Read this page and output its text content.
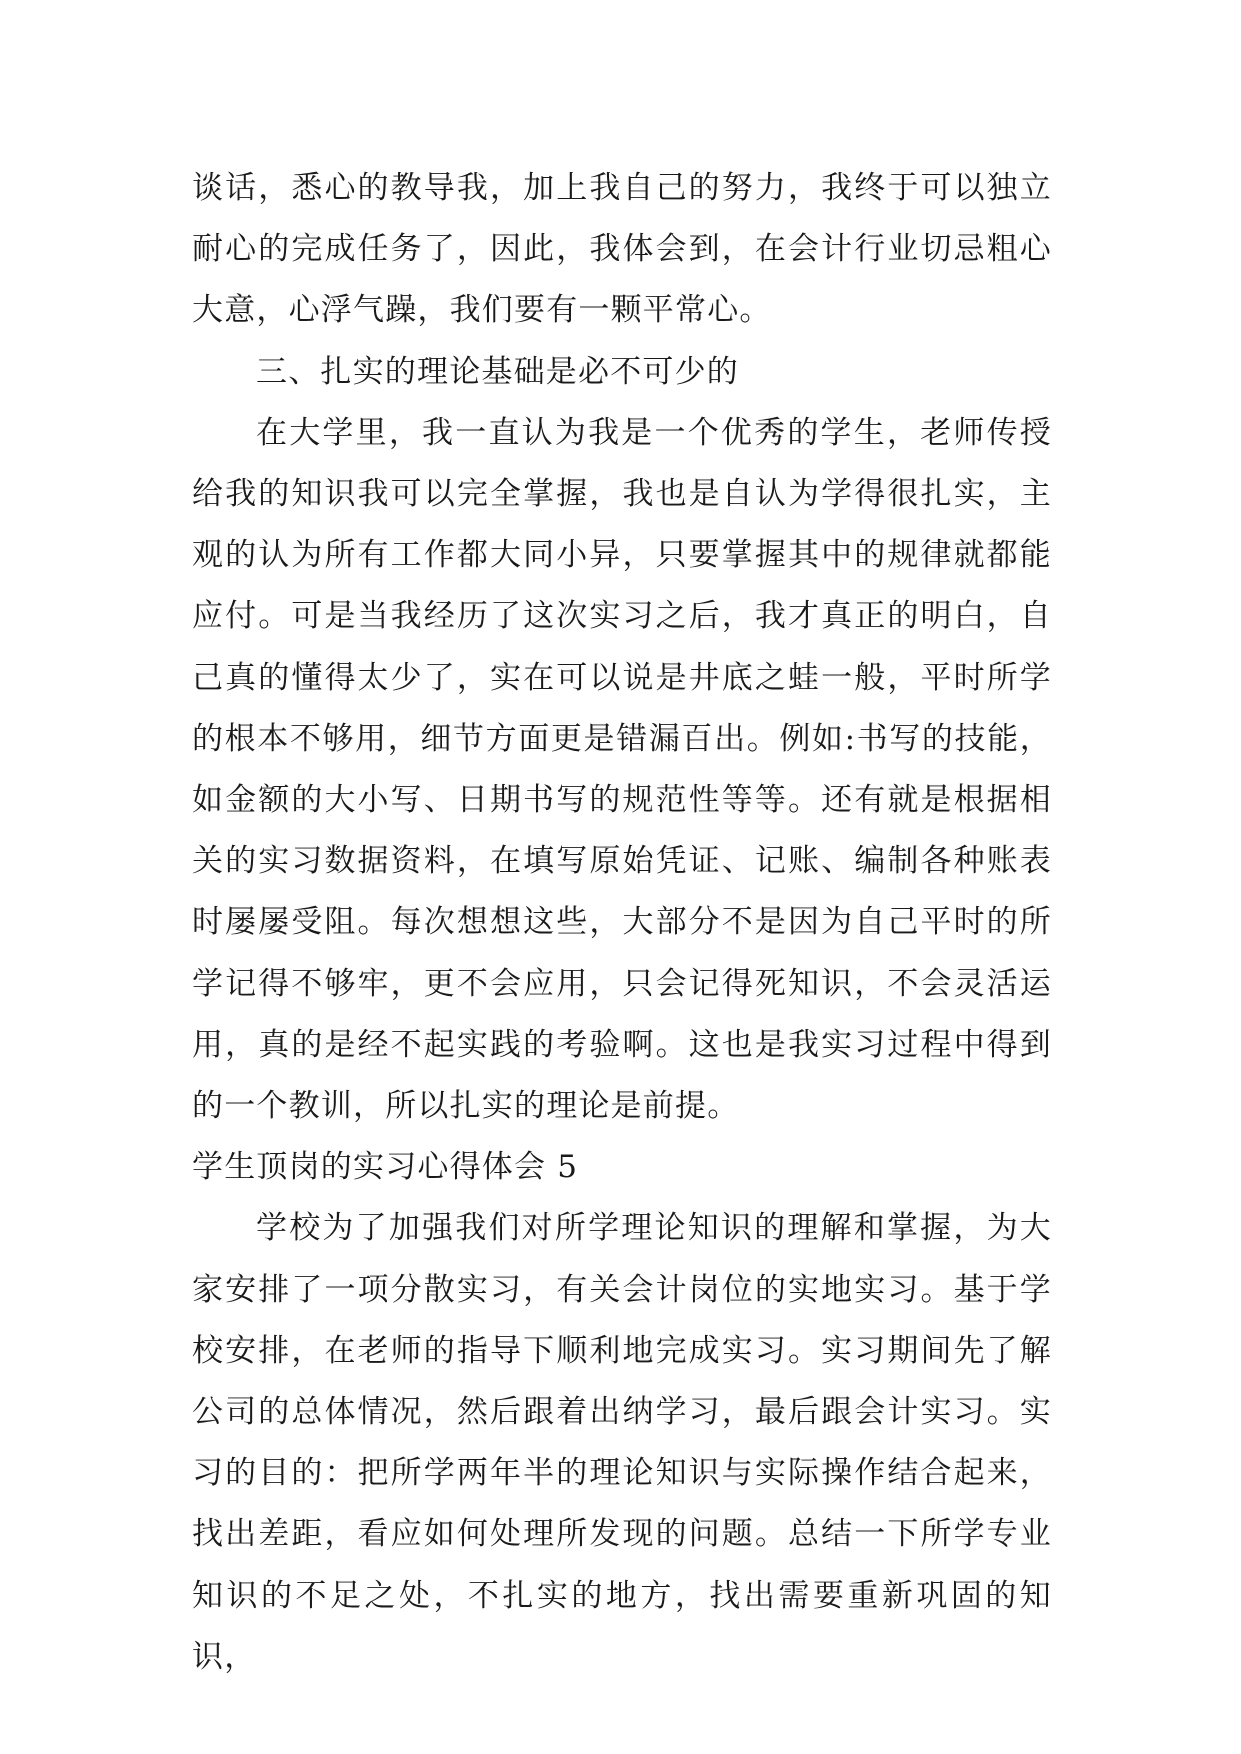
谈话，悉心的教导我，加上我自己的努力，我终于可以独立耐心的完成任务了，因此，我体会到，在会计行业切忌粗心大意，心浮气躁，我们要有一颗平常心。

三、扎实的理论基础是必不可少的

在大学里，我一直认为我是一个优秀的学生，老师传授给我的知识我可以完全掌握，我也是自认为学得很扎实，主观的认为所有工作都大同小异，只要掌握其中的规律就都能应付。可是当我经历了这次实习之后，我才真正的明白，自己真的懂得太少了，实在可以说是井底之蛙一般，平时所学的根本不够用，细节方面更是错漏百出。例如:书写的技能，如金额的大小写、日期书写的规范性等等。还有就是根据相关的实习数据资料，在填写原始凭证、记账、编制各种账表时屡屡受阻。每次想想这些，大部分不是因为自己平时的所学记得不够牢，更不会应用，只会记得死知识，不会灵活运用，真的是经不起实践的考验啊。这也是我实习过程中得到的一个教训，所以扎实的理论是前提。

学生顶岗的实习心得体会 5

学校为了加强我们对所学理论知识的理解和掌握，为大家安排了一项分散实习，有关会计岗位的实地实习。基于学校安排，在老师的指导下顺利地完成实习。实习期间先了解公司的总体情况，然后跟着出纳学习，最后跟会计实习。实习的目的：把所学两年半的理论知识与实际操作结合起来，找出差距，看应如何处理所发现的问题。总结一下所学专业知识的不足之处，不扎实的地方，找出需要重新巩固的知识，
